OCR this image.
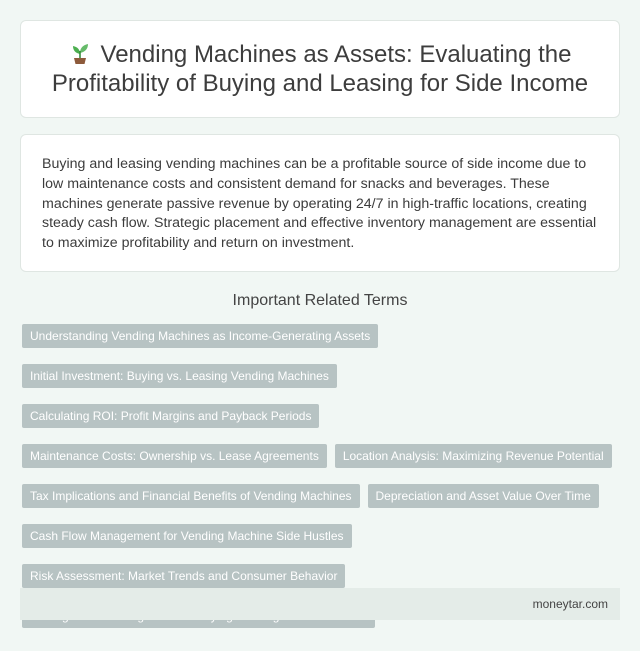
Vending Machines as Assets: Evaluating the Profitability of Buying and Leasing for Side Income

Buying and leasing vending machines can be a profitable source of side income due to low maintenance costs and consistent demand for snacks and beverages. These machines generate passive revenue by operating 24/7 in high-traffic locations, creating steady cash flow. Strategic placement and effective inventory management are essential to maximize profitability and return on investment.

Important Related Terms
Understanding Vending Machines as Income-Generating Assets
Initial Investment: Buying vs. Leasing Vending Machines
Calculating ROI: Profit Margins and Payback Periods
Maintenance Costs: Ownership vs. Lease Agreements	Location Analysis: Maximizing Revenue Potential
Tax Implications and Financial Benefits of Vending Machines	Depreciation and Asset Value Over Time
Cash Flow Management for Vending Machine Side Hustles
Risk Assessment: Market Trends and Consumer Behavior
moneytar.com
